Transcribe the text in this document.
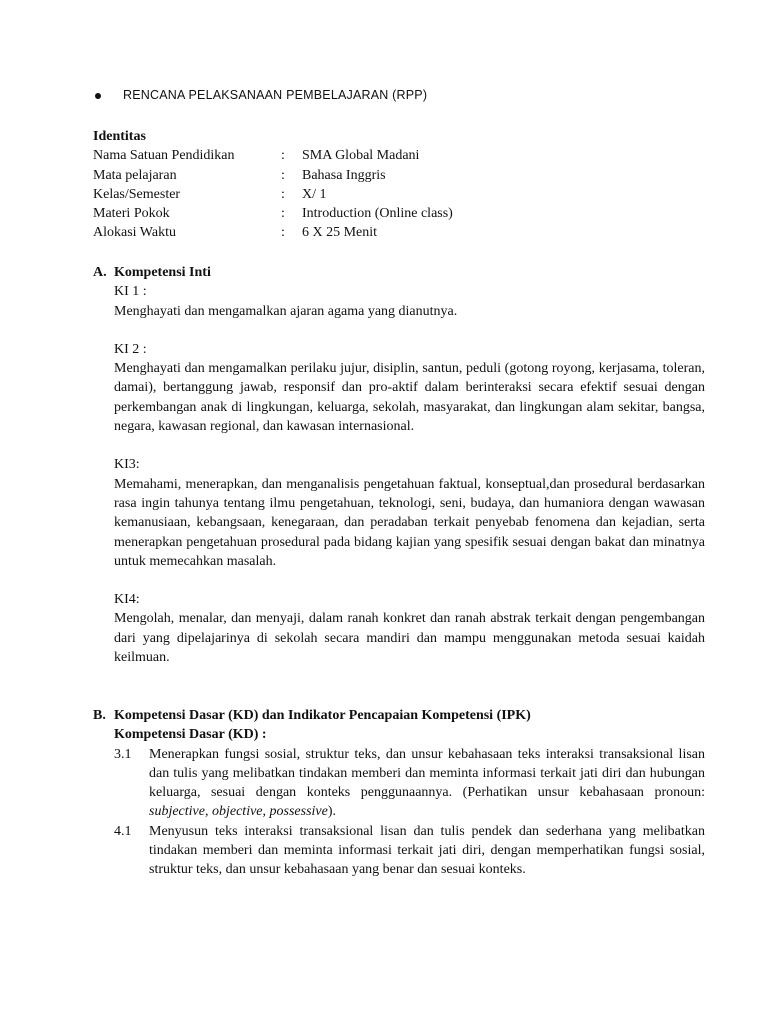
RENCANA PELAKSANAAN PEMBELAJARAN (RPP)
Identitas
Nama Satuan Pendidikan	:	SMA Global Madani
Mata pelajaran	:	Bahasa Inggris
Kelas/Semester	:	X/ 1
Materi Pokok	:	Introduction (Online class)
Alokasi Waktu	:	6 X 25 Menit
A. Kompetensi Inti
KI 1 :
Menghayati dan mengamalkan ajaran agama yang dianutnya.
KI 2 :
Menghayati dan mengamalkan perilaku jujur, disiplin, santun, peduli (gotong royong, kerjasama, toleran, damai), bertanggung jawab, responsif dan pro-aktif dalam berinteraksi secara efektif sesuai dengan perkembangan anak di lingkungan, keluarga, sekolah, masyarakat, dan lingkungan alam sekitar, bangsa, negara, kawasan regional, dan kawasan internasional.
KI3:
Memahami, menerapkan, dan menganalisis pengetahuan faktual, konseptual,dan prosedural berdasarkan rasa ingin tahunya tentang ilmu pengetahuan, teknologi, seni, budaya, dan humaniora dengan wawasan kemanusiaan, kebangsaan, kenegaraan, dan peradaban terkait penyebab fenomena dan kejadian, serta menerapkan pengetahuan prosedural pada bidang kajian yang spesifik sesuai dengan bakat dan minatnya untuk memecahkan masalah.
KI4:
Mengolah, menalar, dan menyaji, dalam ranah konkret dan ranah abstrak terkait dengan pengembangan dari yang dipelajarinya di sekolah secara mandiri dan mampu menggunakan metoda sesuai kaidah keilmuan.
B. Kompetensi Dasar (KD) dan Indikator Pencapaian Kompetensi (IPK)
Kompetensi Dasar (KD) :
3.1 Menerapkan fungsi sosial, struktur teks, dan unsur kebahasaan teks interaksi transaksional lisan dan tulis yang melibatkan tindakan memberi dan meminta informasi terkait jati diri dan hubungan keluarga, sesuai dengan konteks penggunaannya. (Perhatikan unsur kebahasaan pronoun: subjective, objective, possessive).
4.1 Menyusun teks interaksi transaksional lisan dan tulis pendek dan sederhana yang melibatkan tindakan memberi dan meminta informasi terkait jati diri, dengan memperhatikan fungsi sosial, struktur teks, dan unsur kebahasaan yang benar dan sesuai konteks.
